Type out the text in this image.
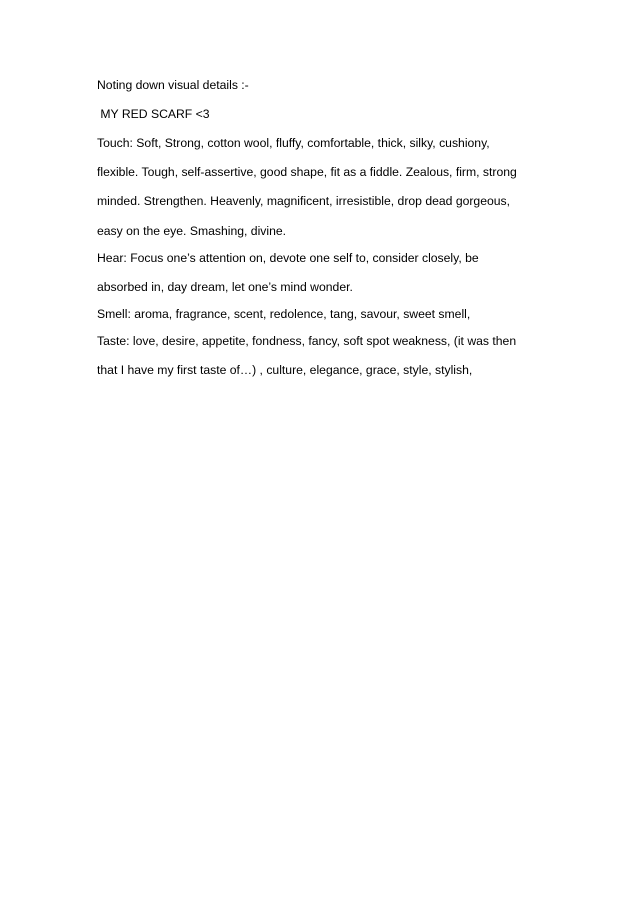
Noting down visual details :-
MY RED SCARF <3
Touch: Soft, Strong, cotton wool, fluffy, comfortable, thick, silky, cushiony,
flexible. Tough, self-assertive, good shape, fit as a fiddle. Zealous, firm, strong
minded. Strengthen. Heavenly, magnificent, irresistible, drop dead gorgeous,
easy on the eye. Smashing, divine.
Hear: Focus one’s attention on, devote one self to, consider closely, be
absorbed in, day dream, let one’s mind wonder.
Smell: aroma, fragrance, scent, redolence, tang, savour, sweet smell,
Taste: love, desire, appetite, fondness, fancy, soft spot weakness, (it was then
that I have my first taste of…) , culture, elegance, grace, style, stylish,
